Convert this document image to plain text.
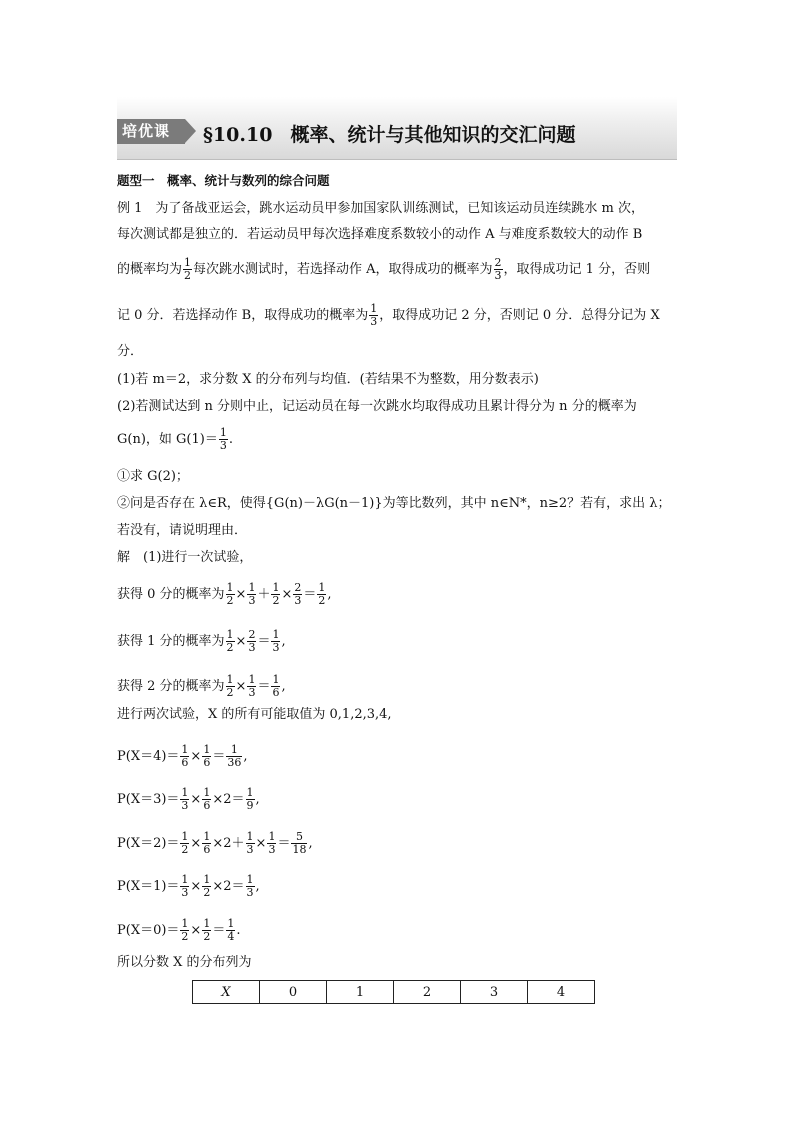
培优课	§10.10 概率、统计与其他知识的交汇问题
题型一　 概率、统计与数列的综合问题
例 1　为了备战亚运会，跳水运动员甲参加国家队训练测试，已知该运动员连续跳水 m 次，
每次测试都是独立的．若运动员甲每次选择难度系数较小的动作 A 与难度系数较大的动作 B
的概率均为 $\frac{1}{2}$ 每次跳水测试时，若选择动作 A，取得成功的概率为 $\frac{2}{3}$ ，取得成功记 1 分，否则
记 0 分．若选择动作 B，取得成功的概率为 $\frac{1}{3}$ ，取得成功记 2 分，否则记 0 分．总得分记为 X
分．
(1)若 m＝2，求分数 X 的分布列与均值．(若结果不为整数，用分数表示)
(2)若测试达到 n 分则中止，记运动员在每一次跳水均取得成功且累计得分为 n 分的概率为
G(n)，如 $G(1)= \frac{1}{3}$ .
①求 G(2)；
②问是否存在 λ∈R，使得{G(n)－λG(n－1)}为等比数列，其中 n∈N*，n≥2？若有，求出 λ；
若没有，请说明理由．
解　(1)进行一次试验，
获得 0 分的概率为 $\frac{1}{2} \times \frac{1}{3} + \frac{1}{2} \times \frac{2}{3} = \frac{1}{2}$ ,
获得 1 分的概率为 $\frac{1}{2} \times \frac{2}{3} = \frac{1}{3}$ ,
获得 2 分的概率为 $\frac{1}{2} \times \frac{1}{3} = \frac{1}{6}$ ,
进行两次试验，X 的所有可能取值为 0,1,2,3,4,
$P(X=4)= \frac{1}{6} \times \frac{1}{6} = \frac{1}{36}$ ,
$P(X=3)= \frac{1}{3} \times \frac{1}{6} \times 2= \frac{1}{9}$ ,
$P(X=2)= \frac{1}{2} \times \frac{1}{6} \times 2+ \frac{1}{3} \times \frac{1}{3} = \frac{5}{18}$ ,
$P(X=1)= \frac{1}{3} \times \frac{1}{2} \times 2= \frac{1}{3}$ ,
$P(X=0)= \frac{1}{2} \times \frac{1}{2} = \frac{1}{4}$ .
所以分数 X 的分布列为
X	0	1	2	3	4
